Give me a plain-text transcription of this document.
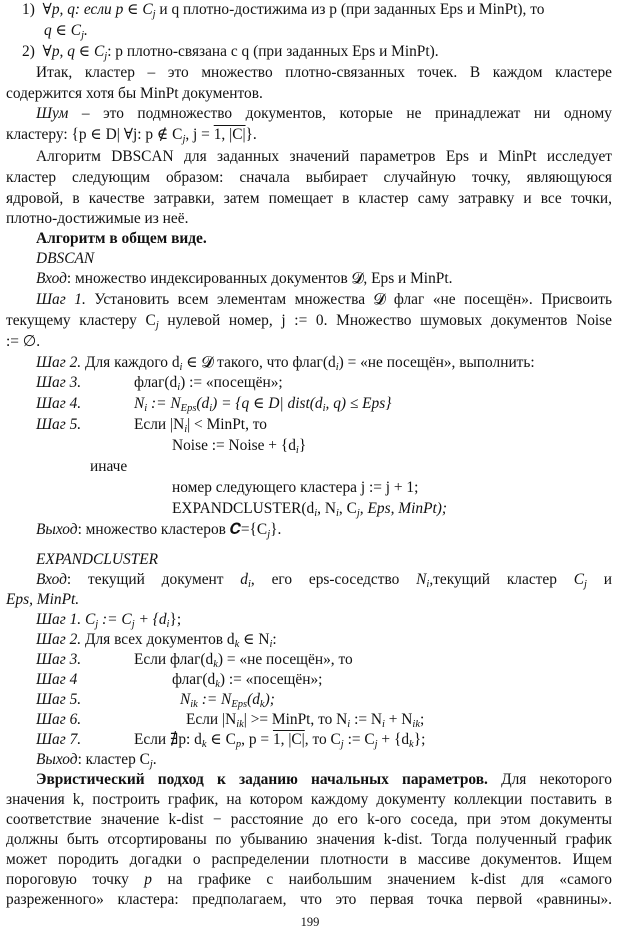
1) ∀p, q: если p ∈ $C_j$ и q плотно-достижима из p (при заданных Eps и MinPt), то
q ∈ $C_j$.
2) ∀p, q ∈ $C_j$: p плотно-связана с q (при заданных Eps и MinPt).
Итак, кластер – это множество плотно-связанных точек. В каждом кластере
содержится хотя бы MinPt документов.
Шум – это подмножество документов, которые не принадлежат ни одному
кластеру: {p ∈ D| ∀j: p ∉ $C_j$, j = 1, |C|}.
Алгоритм DBSCAN для заданных значений параметров Eps и MinPt исследует
кластер следующим образом: сначала выбирает случайную точку, являющуюся
ядровой, в качестве затравки, затем помещает в кластер саму затравку и все точки,
плотно-достижимые из неё.
Алгоритм в общем виде.
DBSCAN
Вход: множество индексированных документов 𝓓, Eps и MinPt.
Шаг 1. Установить всем элементам множества 𝓓 флаг «не посещён». Присвоить
текущему кластеру $C_j$ нулевой номер, j := 0. Множество шумовых документов Noise
:= ∅.
Шаг 2. Для каждого $d_i$ ∈ 𝓓 такого, что $флаг(d_i)$ = «не посещён», выполнить:
Шаг 3.	$флаг(d_i)$ := «посещён»;
Шаг 4.	$N_i$ := $N_{Eps}(d_i) = \{q$ ∈ D| $dist(d_i$, q) ≤ Eps}
Шаг 5.	Если $|N_i|$ < MinPt, то
Noise := Noise + $\{d_i\}$
иначе
номер следующего кластера j := j + 1;
$EXPANDCLUSTER(d_i$, $N_i$, $C_j$, Eps, MinPt);
Выход: множество кластеров $𝑪=\{C_j\}$.
EXPANDCLUSTER
Вход: текущий документ $d_i$, его eps-соседство $N_i,текущий$ кластер $C_j$ и
Eps, MinPt.
Шаг 1. $C_j$ := $C_j + \{d_i\}$;
Шаг 2. Для всех документов $d_k$ ∈ $N_i$:
Шаг 3.	Если $флаг(d_k)$ = «не посещён», то
Шаг 4	$флаг(d_k)$ := «посещён»;
Шаг 5.	$N_{ik}$ := $N_{Eps}(d_k)$;
Шаг 6.	Если $|N_{ik}|$ >= MinPt, то $N_i$ := $N_i + N_{ik}$;
Шаг 7.	Если ∄p: $d_k$ ∈ $C_p$, p = 1, |C|, то $C_j$ := $C_j + \{d_k\}$;
Выход: кластер $C_j$.
Эвристический подход к заданию начальных параметров. Для некоторого
значения k, построить график, на котором каждому документу коллекции поставить в
соответствие значение k-dist − расстояние до его k-ого соседа, при этом документы
должны быть отсортированы по убыванию значения k-dist. Тогда полученный график
может породить догадки о распределении плотности в массиве документов. Ищем
пороговую точку p на графике с наибольшим значением k-dist для «самого
199
разреженного» кластера: предполагаем, что это первая точка первой «равнины».
